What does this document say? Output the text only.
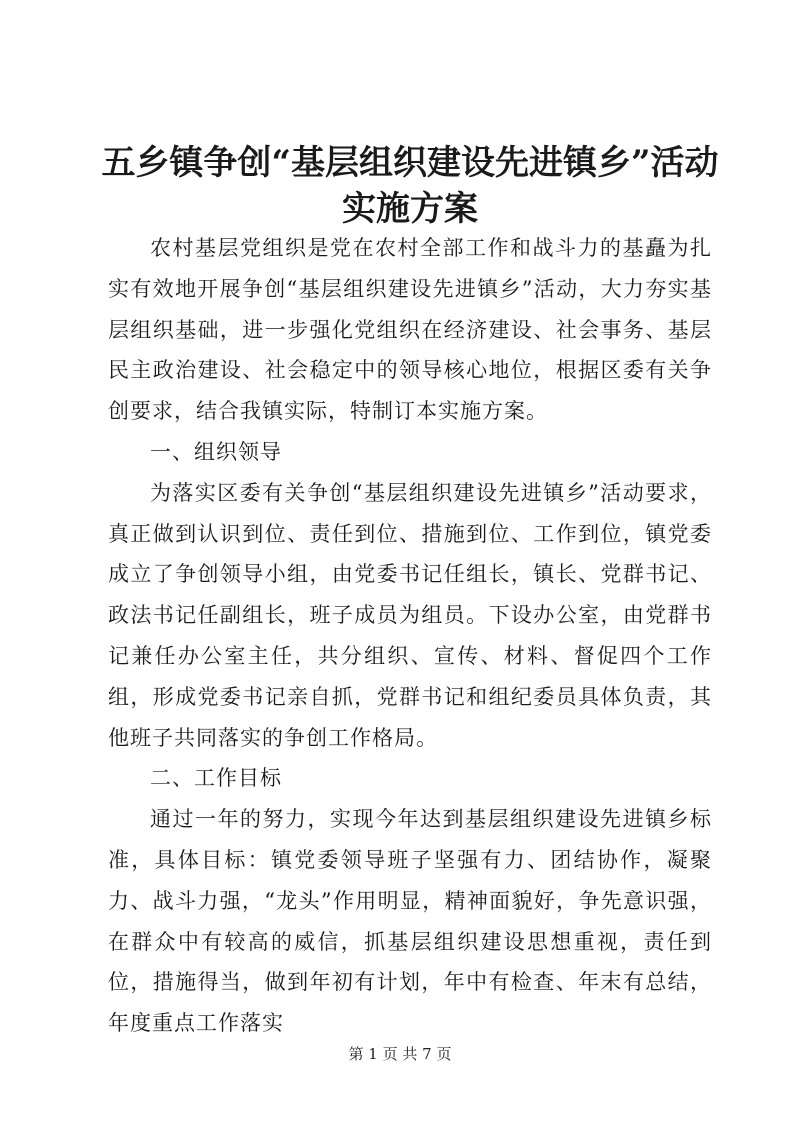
五乡镇争创“基层组织建设先进镇乡”活动实施方案

农村基层党组织是党在农村全部工作和战斗力的基矗为扎实有效地开展争创“基层组织建设先进镇乡”活动，大力夯实基层组织基础，进一步强化党组织在经济建设、社会事务、基层民主政治建设、社会稳定中的领导核心地位，根据区委有关争创要求，结合我镇实际，特制订本实施方案。

一、组织领导

为落实区委有关争创“基层组织建设先进镇乡”活动要求，真正做到认识到位、责任到位、措施到位、工作到位，镇党委成立了争创领导小组，由党委书记任组长，镇长、党群书记、政法书记任副组长，班子成员为组员。下设办公室，由党群书记兼任办公室主任，共分组织、宣传、材料、督促四个工作组，形成党委书记亲自抓，党群书记和组纪委员具体负责，其他班子共同落实的争创工作格局。

二、工作目标

通过一年的努力，实现今年达到基层组织建设先进镇乡标准，具体目标：镇党委领导班子坚强有力、团结协作，凝聚力、战斗力强，“龙头”作用明显，精神面貌好，争先意识强，在群众中有较高的威信，抓基层组织建设思想重视，责任到位，措施得当，做到年初有计划，年中有检查、年末有总结，年度重点工作落实

第 1 页 共 7 页
